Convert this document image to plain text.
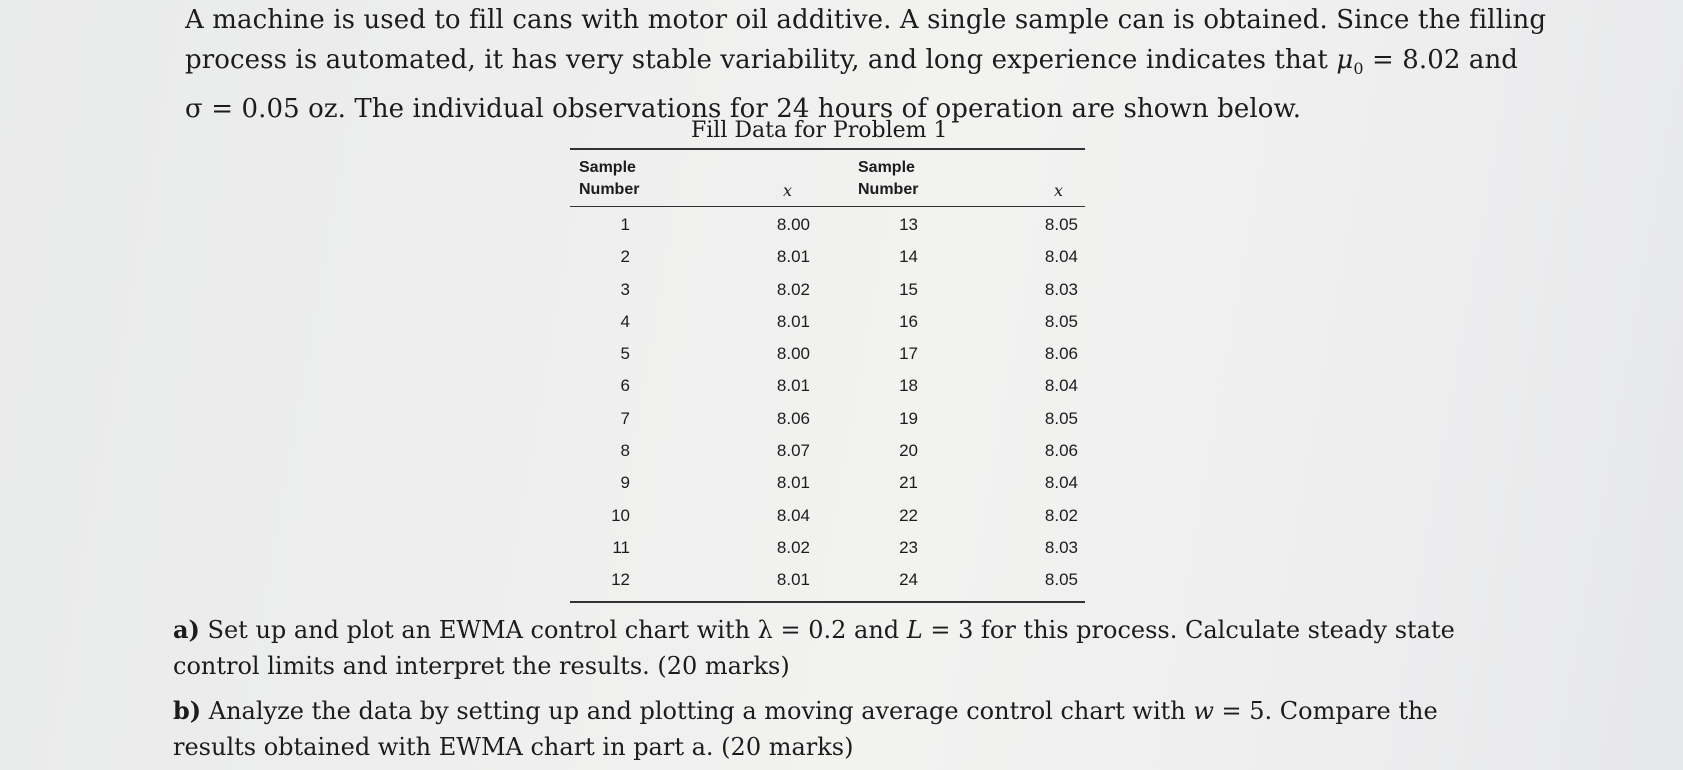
A machine is used to fill cans with motor oil additive. A single sample can is obtained. Since the filling
process is automated, it has very stable variability, and long experience indicates that $\mu_0 = 8.02$ and
σ = 0.05 oz. The individual observations for 24 hours of operation are shown below.
Fill Data for Problem 1
Sample
Number	x
Sample
Number	x
1	8.00	13	8.05
2	8.01	14	8.04
3	8.02	15	8.03
4	8.01	16	8.05
5	8.00	17	8.06
6	8.01	18	8.04
7	8.06	19	8.05
8	8.07	20	8.06
9	8.01	21	8.04
10	8.04	22	8.02
11	8.02	23	8.03
12	8.01	24	8.05
a) Set up and plot an EWMA control chart with λ = 0.2 and L = 3 for this process. Calculate steady state
control limits and interpret the results. (20 marks)
b) Analyze the data by setting up and plotting a moving average control chart with w = 5. Compare the
results obtained with EWMA chart in part a. (20 marks)
